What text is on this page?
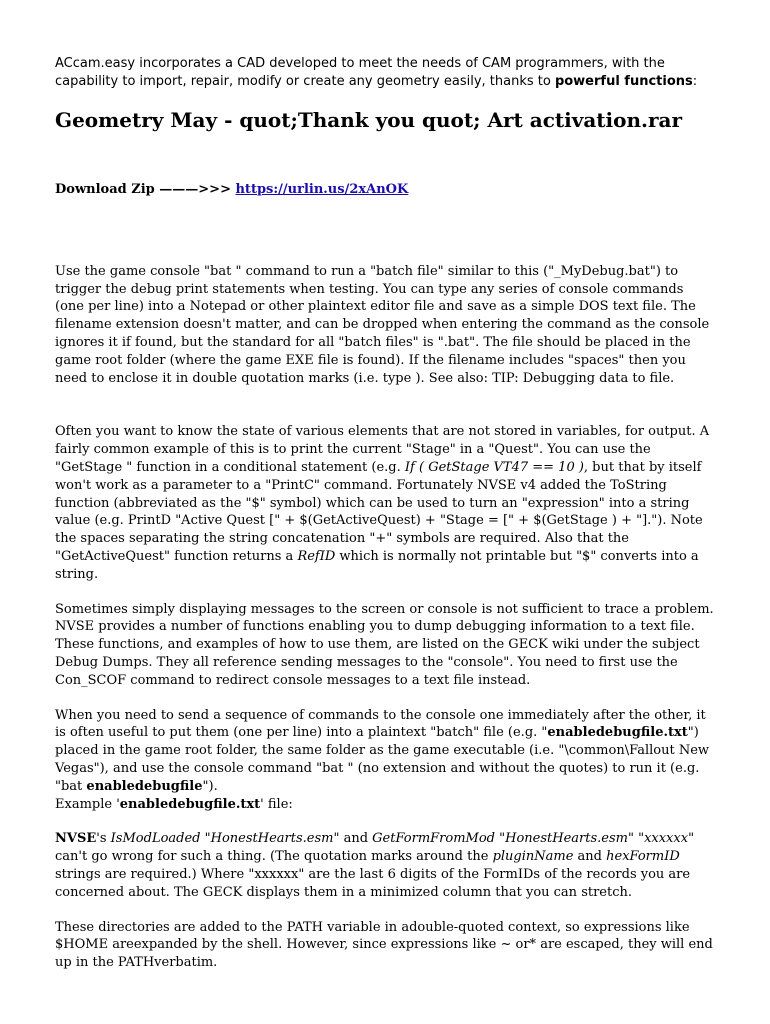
ACcam.easy incorporates a CAD developed to meet the needs of CAM programmers, with the capability to import, repair, modify or create any geometry easily, thanks to powerful functions:

Geometry May - quot;Thank you quot; Art activation.rar

Download Zip ———>>> https://urlin.us/2xAnOK

Use the game console "bat " command to run a "batch file" similar to this ("_MyDebug.bat") to trigger the debug print statements when testing. You can type any series of console commands (one per line) into a Notepad or other plaintext editor file and save as a simple DOS text file. The filename extension doesn't matter, and can be dropped when entering the command as the console ignores it if found, but the standard for all "batch files" is ".bat". The file should be placed in the game root folder (where the game EXE file is found). If the filename includes "spaces" then you need to enclose it in double quotation marks (i.e. type ). See also: TIP: Debugging data to file.

Often you want to know the state of various elements that are not stored in variables, for output. A fairly common example of this is to print the current "Stage" in a "Quest". You can use the "GetStage " function in a conditional statement (e.g. If ( GetStage VT47 == 10 ), but that by itself won't work as a parameter to a "PrintC" command. Fortunately NVSE v4 added the ToString function (abbreviated as the "$" symbol) which can be used to turn an "expression" into a string value (e.g. PrintD "Active Quest [" + $(GetActiveQuest) + "Stage = [" + $(GetStage ) + "]."). Note the spaces separating the string concatenation "+" symbols are required. Also that the "GetActiveQuest" function returns a RefID which is normally not printable but "$" converts into a string.

Sometimes simply displaying messages to the screen or console is not sufficient to trace a problem. NVSE provides a number of functions enabling you to dump debugging information to a text file. These functions, and examples of how to use them, are listed on the GECK wiki under the subject Debug Dumps. They all reference sending messages to the "console". You need to first use the Con_SCOF command to redirect console messages to a text file instead.

When you need to send a sequence of commands to the console one immediately after the other, it is often useful to put them (one per line) into a plaintext "batch" file (e.g. "enabledebugfile.txt") placed in the game root folder, the same folder as the game executable (i.e. "\common\Fallout New Vegas"), and use the console command "bat " (no extension and without the quotes) to run it (e.g. "bat enabledebugfile").
Example 'enabledebugfile.txt' file:

NVSE's IsModLoaded "HonestHearts.esm" and GetFormFromMod "HonestHearts.esm" "xxxxxx" can't go wrong for such a thing. (The quotation marks around the pluginName and hexFormID strings are required.) Where "xxxxxx" are the last 6 digits of the FormIDs of the records you are concerned about. The GECK displays them in a minimized column that you can stretch.

These directories are added to the PATH variable in adouble-quoted context, so expressions like $HOME areexpanded by the shell. However, since expressions like ~ or* are escaped, they will end up in the PATHverbatim.
